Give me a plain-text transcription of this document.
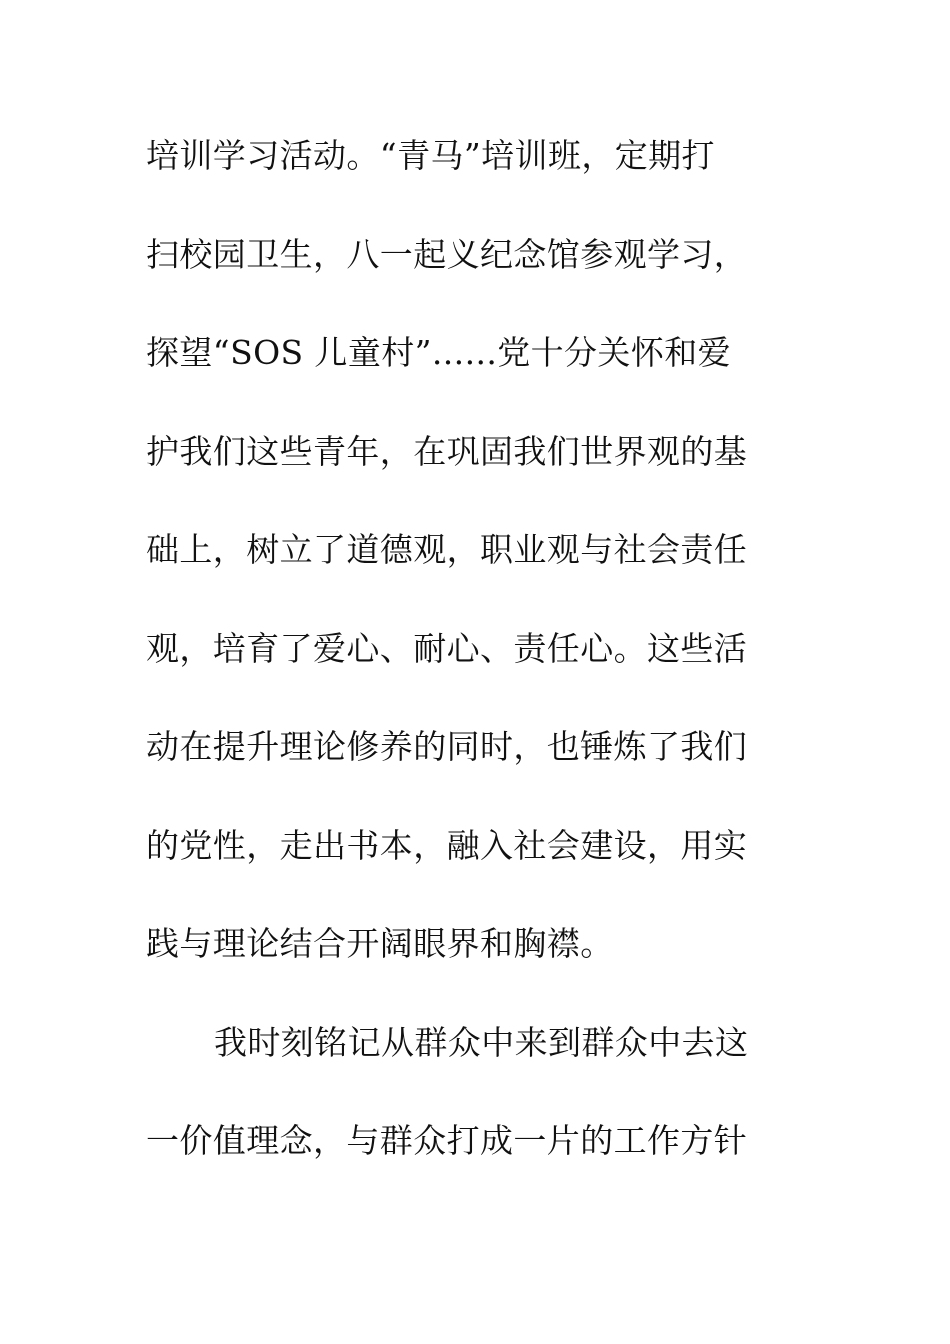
培训学习活动。“青马”培训班，定期打
扫校园卫生，八一起义纪念馆参观学习，
探望“SOS 儿童村”......党十分关怀和爱
护我们这些青年，在巩固我们世界观的基
础上，树立了道德观，职业观与社会责任
观，培育了爱心、耐心、责任心。这些活
动在提升理论修养的同时，也锤炼了我们
的党性，走出书本，融入社会建设，用实
践与理论结合开阔眼界和胸襟。
我时刻铭记从群众中来到群众中去这
一价值理念，与群众打成一片的工作方针
